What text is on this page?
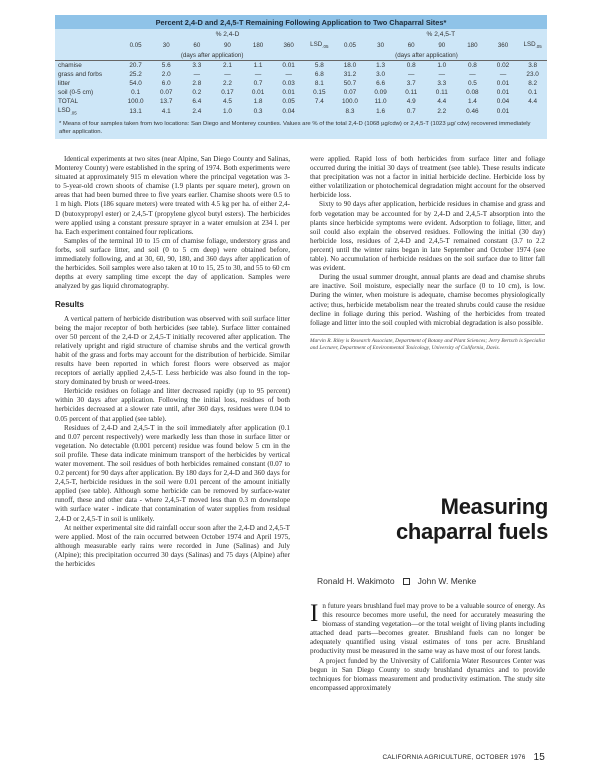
Percent 2,4-D and 2,4,5-T Remaining Following Application to Two Chaparral Sites*
	% 2,4-D							% 2,4,5-T						
	0.05	30	60	90	180	360	$LSD_{.05}$	0.05	30	60	90	180	360	$LSD_{.05}$
	(days after application)							(days after application)						
chamise	20.7	5.6	3.3	2.1	1.1	0.01	5.8	18.0	1.3	0.8	1.0	0.8	0.02	3.8
grass and forbs	25.2	2.0	—	—	—	—	6.8	31.2	3.0	—	—	—	—	23.0
litter	54.0	6.0	2.8	2.2	0.7	0.03	8.1	50.7	6.6	3.7	3.3	0.5	0.01	8.2
soil (0-5 cm)	0.1	0.07	0.2	0.17	0.01	0.01	0.15	0.07	0.09	0.11	0.11	0.08	0.01	0.1
TOTAL	100.0	13.7	6.4	4.5	1.8	0.05	7.4	100.0	11.0	4.9	4.4	1.4	0.04	4.4
$LSD_{.05}$	13.1	4.1	2.4	1.0	0.3	0.04		8.3	1.6	0.7	2.2	0.46	0.01	
* Means of four samples taken from two locations: San Diego and Monterey counties. Values are % of the total 2,4-D (1068 µg/cdw) or 2,4,5-T (1023 µg/ cdw) recovered immediately after application.

Identical experiments at two sites (near Alpine, San Diego County and Salinas, Monterey County) were established in the spring of 1974. Both experiments were situated at approximately 915 m elevation where the principal vegetation was 3- to 5-year-old crown shoots of chamise (1.9 plants per square meter), grown on areas that had been burned three to five years earlier. Chamise shoots were 0.5 to 1 m high. Plots (186 square meters) were treated with 4.5 kg per ha. of either 2,4-D (butoxypropyl ester) or 2,4,5-T (propylene glycol butyl esters). The herbicides were applied using a constant pressure sprayer in a water emulsion at 234 l. per ha. Each experiment contained four replications.

Samples of the terminal 10 to 15 cm of chamise foliage, understory grass and forbs, soil surface litter, and soil (0 to 5 cm deep) were obtained before, immediately following, and at 30, 60, 90, 180, and 360 days after application of the herbicides. Soil samples were also taken at 10 to 15, 25 to 30, and 55 to 60 cm depths at every sampling time except the day of application. Samples were analyzed by gas liquid chromatography.

Results

A vertical pattern of herbicide distribution was observed with soil surface litter being the major receptor of both herbicides (see table). Surface litter contained over 50 percent of the 2,4-D or 2,4,5-T initially recovered after application. The relatively upright and rigid structure of chamise shrubs and the vertical growth habit of the grass and forbs may account for the distribution of herbicide. Similar results have been reported in which forest floors were observed as major receptors of aerially applied 2,4,5-T. Less herbicide was also found in the top-story dominated by brush or weed-trees.

Herbicide residues on foliage and litter decreased rapidly (up to 95 percent) within 30 days after application. Following the initial loss, residues of both herbicides decreased at a slower rate until, after 360 days, residues were 0.04 to 0.05 percent of that applied (see table).

Residues of 2,4-D and 2,4,5-T in the soil immediately after application (0.1 and 0.07 percent respectively) were markedly less than those in surface litter or vegetation. No detectable (0.001 percent) residue was found below 5 cm in the soil profile. These data indicate minimum transport of the herbicides by vertical water movement. The soil residues of both herbicides remained constant (0.07 to 0.2 percent) for 90 days after application. By 180 days for 2,4-D and 360 days for 2,4,5-T, herbicide residues in the soil were 0.01 percent of the amount initially applied (see table). Although some herbicide can be removed by surface-water runoff, these and other data - where 2,4,5-T moved less than 0.3 m downslope with surface water - indicate that contamination of water supplies from residual 2,4-D or 2,4,5-T in soil is unlikely.

At neither experimental site did rainfall occur soon after the 2,4-D and 2,4,5-T were applied. Most of the rain occurred between October 1974 and April 1975, although measurable early rains were recorded in June (Salinas) and July (Alpine); this precipitation occurred 30 days (Salinas) and 75 days (Alpine) after the herbicides

were applied. Rapid loss of both herbicides from surface litter and foliage occurred during the initial 30 days of treatment (see table). These results indicate that precipitation was not a factor in initial herbicide decline. Herbicide loss by either volatilization or photochemical degradation might account for the observed herbicide loss.

Sixty to 90 days after application, herbicide residues in chamise and grass and forb vegetation may be accounted for by 2,4-D and 2,4,5-T absorption into the plants since herbicide symptoms were evident. Adsorption to foliage, litter, and soil could also explain the observed residues. Following the initial (30 day) herbicide loss, residues of 2,4-D and 2,4,5-T remained constant (3.7 to 2.2 percent) until the winter rains began in late September and October 1974 (see table). No accumulation of herbicide residues on the soil surface due to litter fall was evident.

During the usual summer drought, annual plants are dead and chamise shrubs are inactive. Soil moisture, especially near the surface (0 to 10 cm), is low. During the winter, when moisture is adequate, chamise becomes physiologically active; thus, herbicide metabolism near the treated shrubs could cause the residue decline in foliage during this period. Washing of the herbicides from treated foliage and litter into the soil coupled with microbial degradation is also possible.

Marvin R. Riley is Research Associate, Department of Botany and Plant Sciences; Jerry Bertsch is Specialist and Lecturer, Department of Environmental Toxicology, University of California, Davis.
Measuring
chaparral fuels
Ronald H. Wakimoto	John W. Menke

In future years brushland fuel may prove to be a valuable source of energy. As this resource becomes more useful, the need for accurately measuring the biomass of standing vegetation—or the total weight of living plants including attached dead parts—becomes greater. Brushland fuels can no longer be adequately quantified using visual estimates of tons per acre. Brushland productivity must be measured in the same way as have most of our forest lands.

A project funded by the University of California Water Resources Center was begun in San Diego County to study brushland dynamics and to provide techniques for biomass measurement and productivity estimation. The study site encompassed approximately

CALIFORNIA AGRICULTURE, OCTOBER 1976 15
